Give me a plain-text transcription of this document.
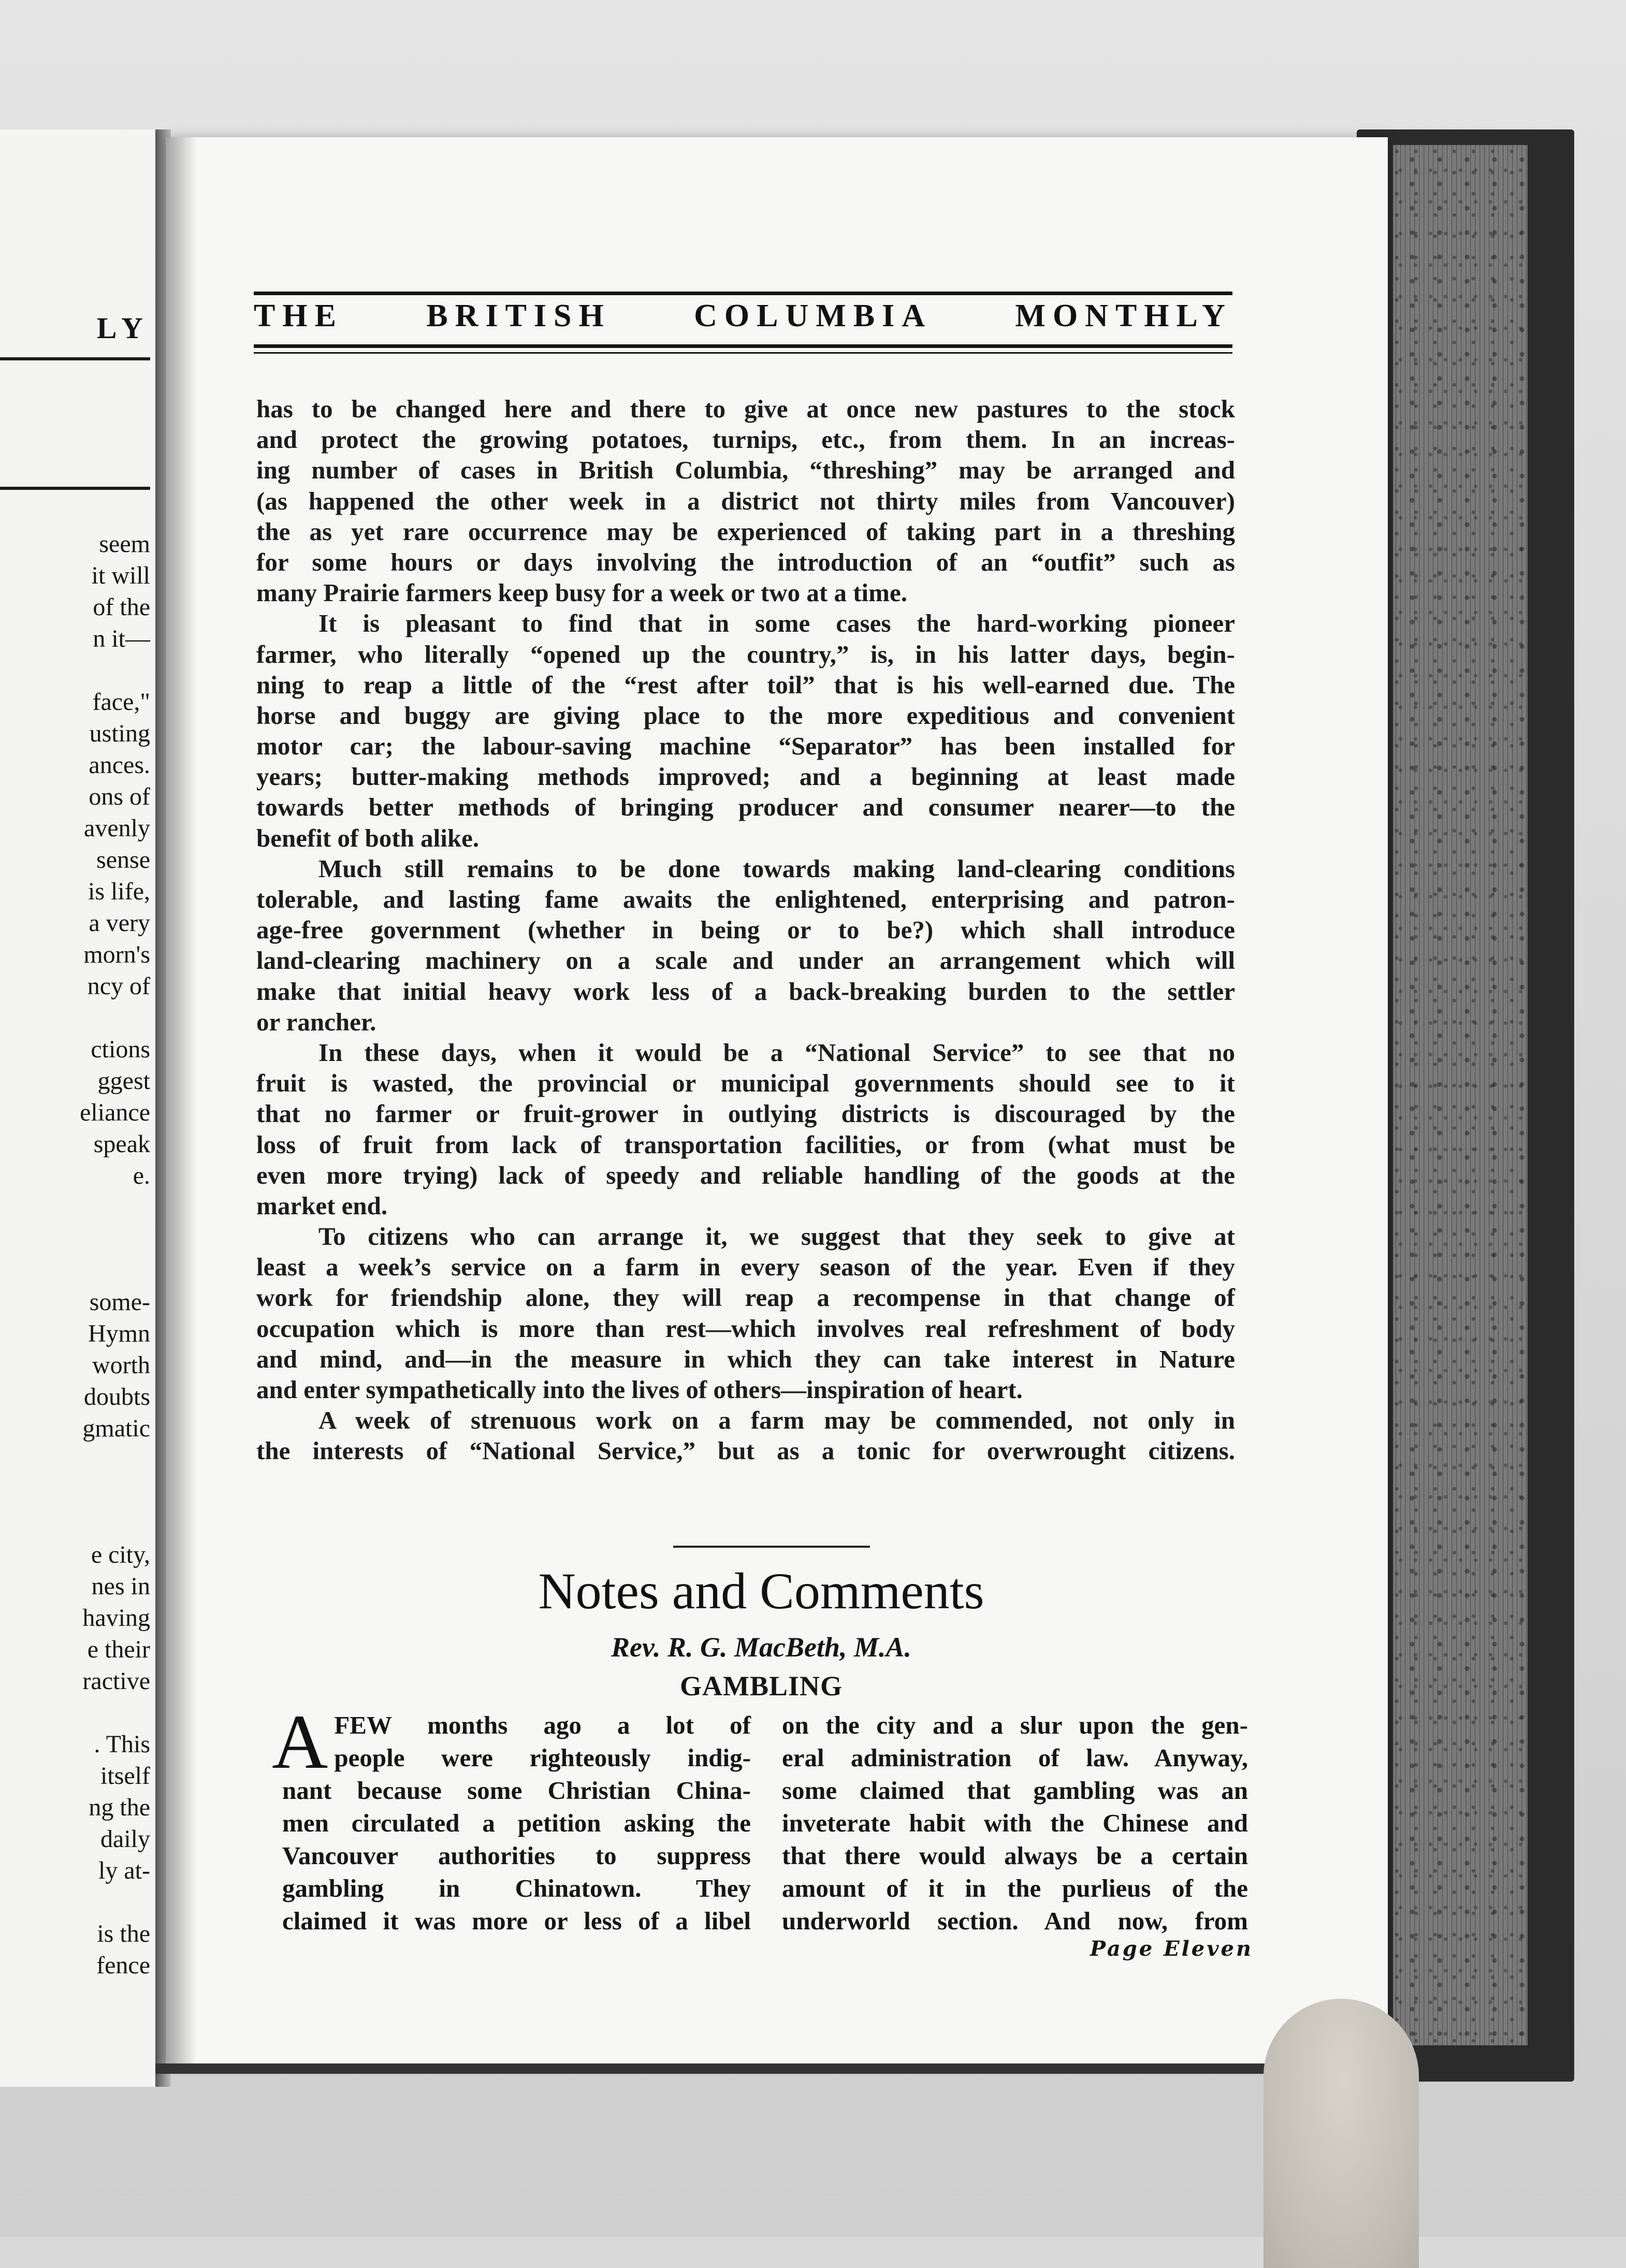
LY
seem
it will
of the
n it—
face,"
usting
ances.
ons of
avenly
sense
is life,
a very
morn's
ncy of
ctions
ggest
eliance
speak
e.
some-
Hymn
worth
doubts
gmatic
e city,
nes in
having
e their
ractive
. This
itself
ng the
daily
ly at-
is the
fence
THE	BRITISH	COLUMBIA	MONTHLY
has to be changed here and there to give at once new pastures to the stock
and protect the growing potatoes, turnips, etc., from them. In an increas-
ing number of cases in British Columbia, “threshing” may be arranged and
(as happened the other week in a district not thirty miles from Vancouver)
the as yet rare occurrence may be experienced of taking part in a threshing
for some hours or days involving the introduction of an “outfit” such as
many Prairie farmers keep busy for a week or two at a time.
It is pleasant to find that in some cases the hard-working pioneer
farmer, who literally “opened up the country,” is, in his latter days, begin-
ning to reap a little of the “rest after toil” that is his well-earned due. The
horse and buggy are giving place to the more expeditious and convenient
motor car; the labour-saving machine “Separator” has been installed for
years; butter-making methods improved; and a beginning at least made
towards better methods of bringing producer and consumer nearer—to the
benefit of both alike.
Much still remains to be done towards making land-clearing conditions
tolerable, and lasting fame awaits the enlightened, enterprising and patron-
age-free government (whether in being or to be?) which shall introduce
land-clearing machinery on a scale and under an arrangement which will
make that initial heavy work less of a back-breaking burden to the settler
or rancher.
In these days, when it would be a “National Service” to see that no
fruit is wasted, the provincial or municipal governments should see to it
that no farmer or fruit-grower in outlying districts is discouraged by the
loss of fruit from lack of transportation facilities, or from (what must be
even more trying) lack of speedy and reliable handling of the goods at the
market end.
To citizens who can arrange it, we suggest that they seek to give at
least a week’s service on a farm in every season of the year. Even if they
work for friendship alone, they will reap a recompense in that change of
occupation which is more than rest—which involves real refreshment of body
and mind, and—in the measure in which they can take interest in Nature
and enter sympathetically into the lives of others—inspiration of heart.
A week of strenuous work on a farm may be commended, not only in
the interests of “National Service,” but as a tonic for overwrought citizens.
Notes and Comments
Rev. R. G. MacBeth, M.A.
GAMBLING
A FEW months ago a lot of
people were righteously indig-
nant because some Christian China-
men circulated a petition asking the
Vancouver authorities to suppress
gambling in Chinatown. They
claimed it was more or less of a libel
on the city and a slur upon the gen-
eral administration of law. Anyway,
some claimed that gambling was an
inveterate habit with the Chinese and
that there would always be a certain
amount of it in the purlieus of the
underworld section. And now, from
Page Eleven
